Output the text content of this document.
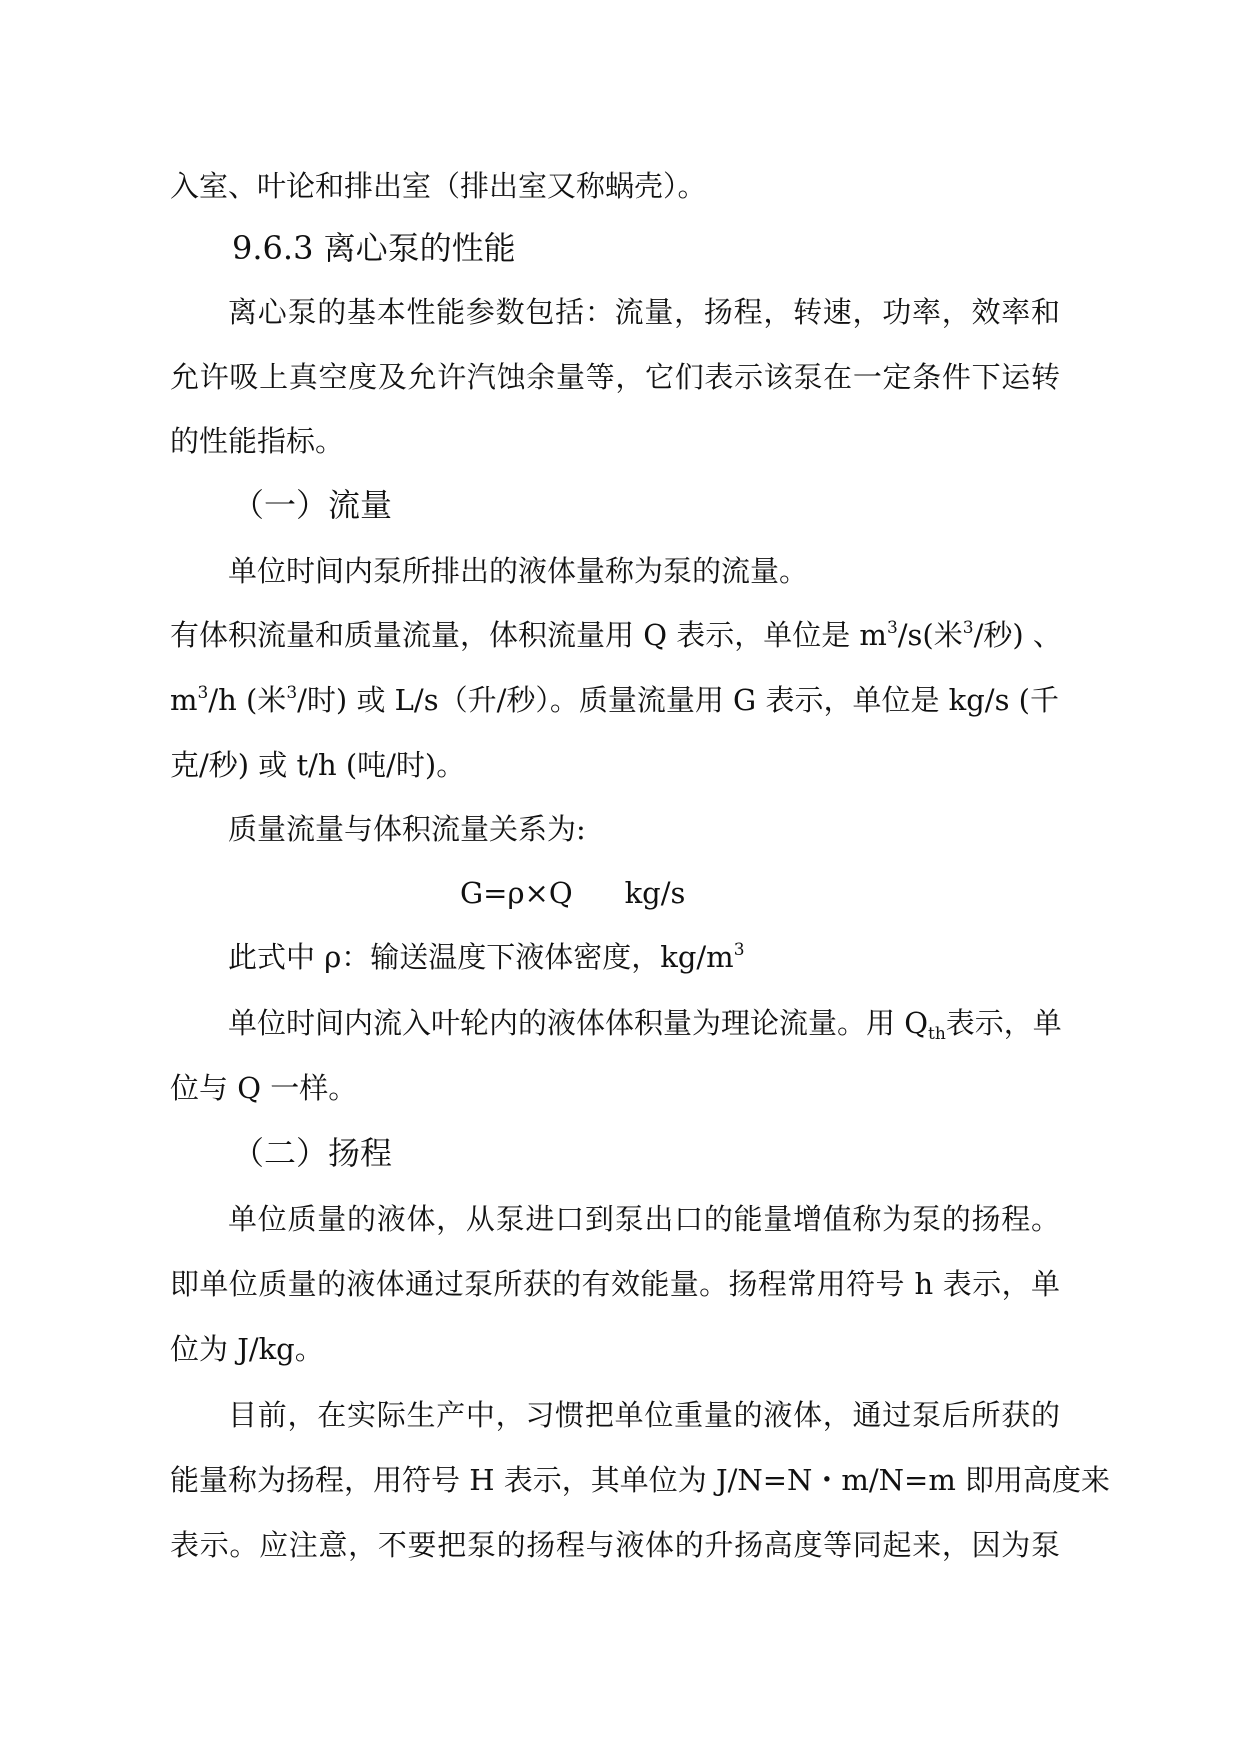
入室、叶论和排出室（排出室又称蜗壳）。
9.6.3 离心泵的性能
离心泵的基本性能参数包括：流量，扬程，转速，功率，效率和
允许吸上真空度及允许汽蚀余量等，它们表示该泵在一定条件下运转
的性能指标。
（一）流量
单位时间内泵所排出的液体量称为泵的流量。
有体积流量和质量流量，体积流量用 Q 表示，单位是 $m^3/s$(米$^3$/秒) 、
$m^3/h$ (米$^3$/时) 或 L/s（升/秒）。质量流量用 G 表示，单位是 kg/s (千
克/秒) 或 t/h (吨/时)。
质量流量与体积流量关系为:
G=ρ×Q kg/s
此式中 ρ：输送温度下液体密度，$kg/m^3$
单位时间内流入叶轮内的液体体积量为理论流量。用 $Q_{th}$表示，单
位与 Q 一样。
（二）扬程
单位质量的液体，从泵进口到泵出口的能量增值称为泵的扬程。
即单位质量的液体通过泵所获的有效能量。扬程常用符号 h 表示，单
位为 J/kg。
目前，在实际生产中，习惯把单位重量的液体，通过泵后所获的
能量称为扬程，用符号 H 表示，其单位为 J/N=N・m/N=m 即用高度来
表示。应注意，不要把泵的扬程与液体的升扬高度等同起来，因为泵
